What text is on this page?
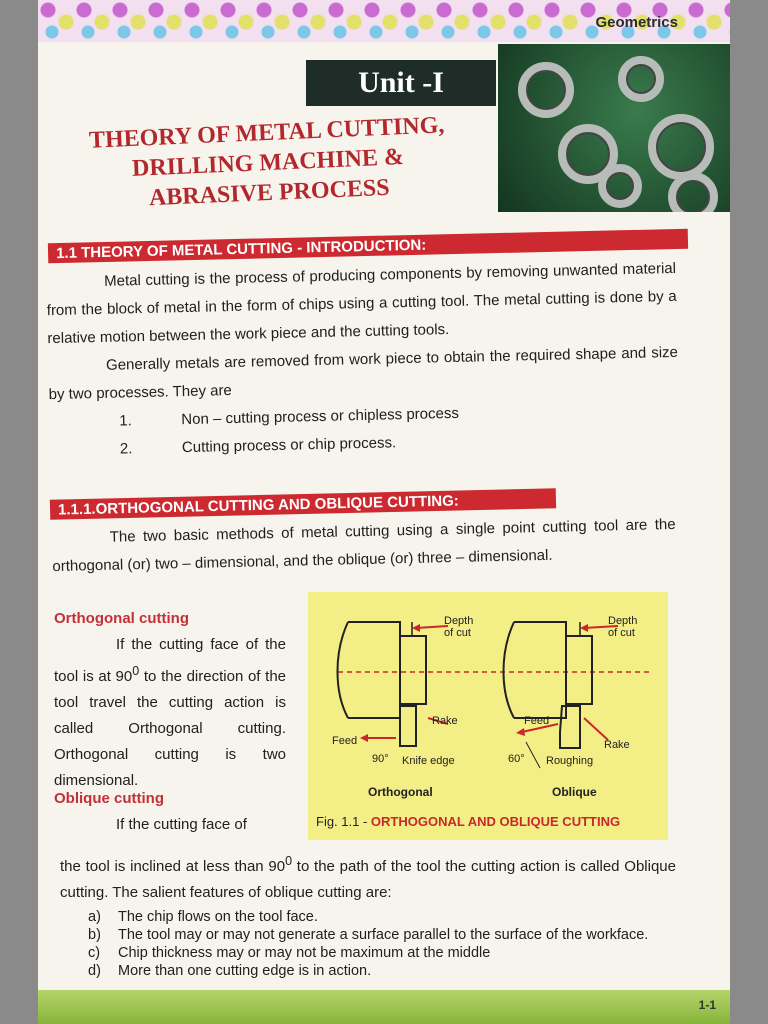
Geometrics
Unit -I
THEORY OF METAL CUTTING,
DRILLING MACHINE &
ABRASIVE PROCESS
1.1 THEORY OF METAL CUTTING - INTRODUCTION:
Metal cutting is the process of producing components by removing unwanted material from the block of metal in the form of chips using a cutting tool. The metal cutting is done by a relative motion between the work piece and the cutting tools.
Generally metals are removed from work piece to obtain the required shape and size by two processes. They are
1.	Non – cutting process or chipless process
2.	Cutting process or chip process.
1.1.1.ORTHOGONAL CUTTING AND OBLIQUE CUTTING:
The two basic methods of metal cutting using a single point cutting tool are the orthogonal (or) two – dimensional, and the oblique (or) three – dimensional.
Orthogonal cutting
If the cutting face of the tool is at $90^0$ to the direction of the tool travel the cutting action is called Orthogonal cutting. Orthogonal cutting is two dimensional.
Oblique cutting
If the cutting face of
Depth
of cut
Rake
Feed
90° Knife edge
Orthogonal
Depth
of cut
Feed
Rake
60° Roughing
Oblique
Fig. 1.1 - ORTHOGONAL AND OBLIQUE CUTTING
the tool is inclined at less than $90^0$ to the path of the tool the cutting action is called Oblique cutting. The salient features of oblique cutting are:
a)	The chip flows on the tool face.
b)	The tool may or may not generate a surface parallel to the surface of the workface.
c)	Chip thickness may or may not be maximum at the middle
d)	More than one cutting edge is in action.
1-1
